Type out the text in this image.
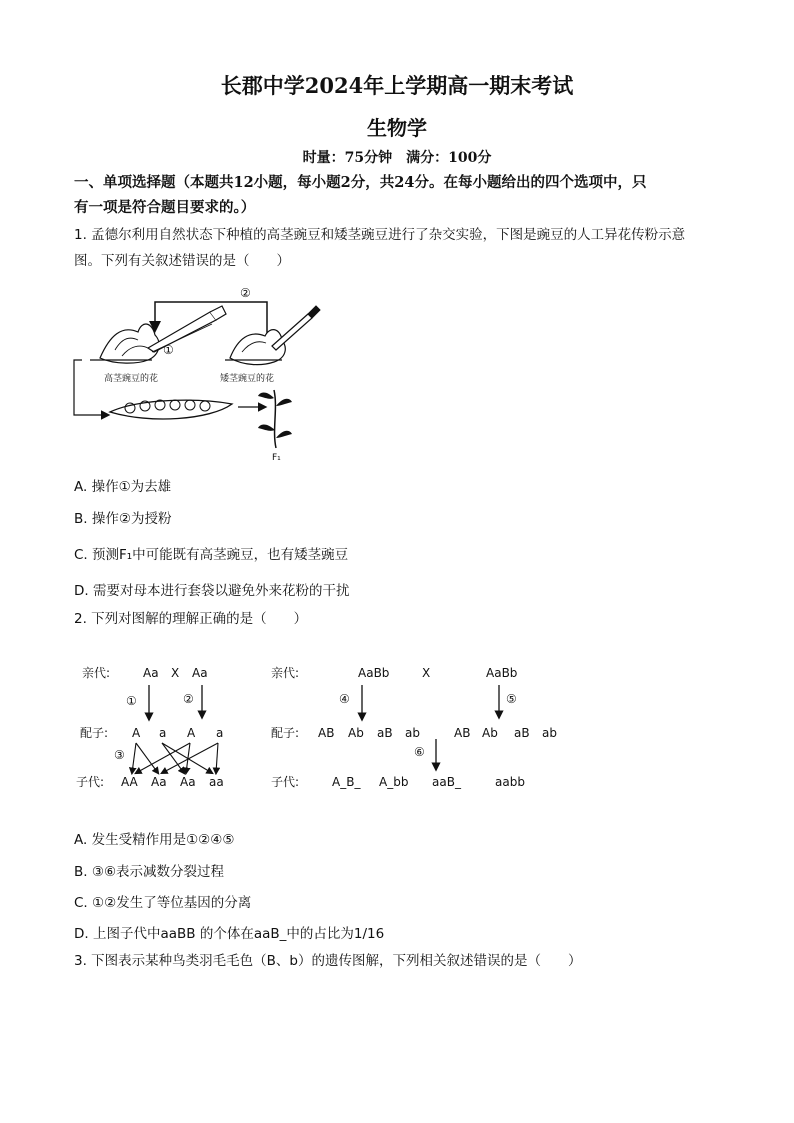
长郡中学2024年上学期高一期末考试
生物学
时量：75分钟　满分：100分
一、单项选择题（本题共12小题，每小题2分，共24分。在每小题给出的四个选项中，只
有一项是符合题目要求的。）
1. 孟德尔利用自然状态下种植的高茎豌豆和矮茎豌豆进行了杂交实验，下图是豌豆的人工异花传粉示意
图。下列有关叙述错误的是（　　）
②
①
高茎豌豆的花	矮茎豌豆的花
F₁
A. 操作①为去雄
B. 操作②为授粉
C. 预测F₁中可能既有高茎豌豆，也有矮茎豌豆
D. 需要对母本进行套袋以避免外来花粉的干扰
2. 下列对图解的理解正确的是（　　）
亲代:	Aa X Aa
①	②
配子: A a A a
③
子代: AA Aa Aa aa
亲代:	AaBb	X	AaBb
④	⑤
配子: AB Ab aB ab	AB Ab aB ab
⑥
子代:	A_B_ A_bb aaB_	aabb
A. 发生受精作用是①②④⑤
B. ③⑥表示减数分裂过程
C. ①②发生了等位基因的分离
D. 上图子代中aaBB 的个体在aaB_中的占比为1/16
3. 下图表示某种鸟类羽毛毛色（B、b）的遗传图解，下列相关叙述错误的是（　　）
